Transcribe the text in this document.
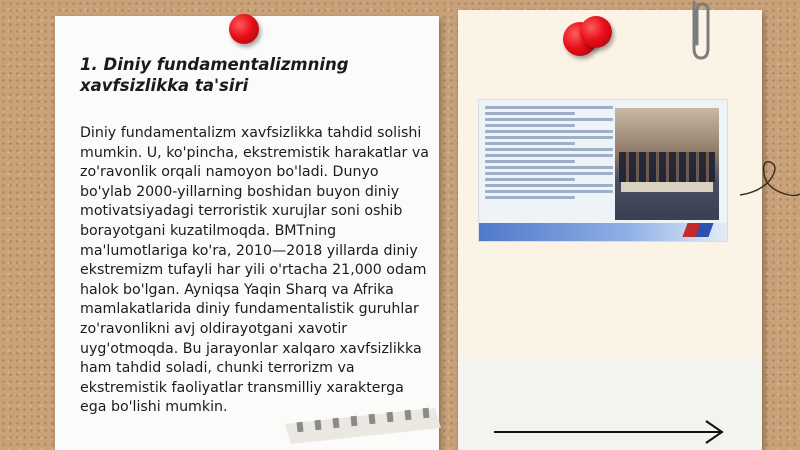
1. Diniy fundamentalizmning xavfsizlikka ta'siri

Diniy fundamentalizm xavfsizlikka tahdid solishi mumkin. U, ko'pincha, ekstremistik harakatlar va zo'ravonlik orqali namoyon bo'ladi. Dunyo bo'ylab 2000-yillarning boshidan buyon diniy motivatsiyadagi terroristik xurujlar soni oshib borayotgani kuzatilmoqda. BMTning ma'lumotlariga ko'ra, 2010—2018 yillarda diniy ekstremizm tufayli har yili o'rtacha 21,000 odam halok bo'lgan. Ayniqsa Yaqin Sharq va Afrika mamlakatlarida diniy fundamentalistik guruhlar zo'ravonlikni avj oldirayotgani xavotir uyg'otmoqda. Bu jarayonlar xalqaro xavfsizlikka ham tahdid soladi, chunki terrorizm va ekstremistik faoliyatlar transmilliy xarakterga ega bo'lishi mumkin.
